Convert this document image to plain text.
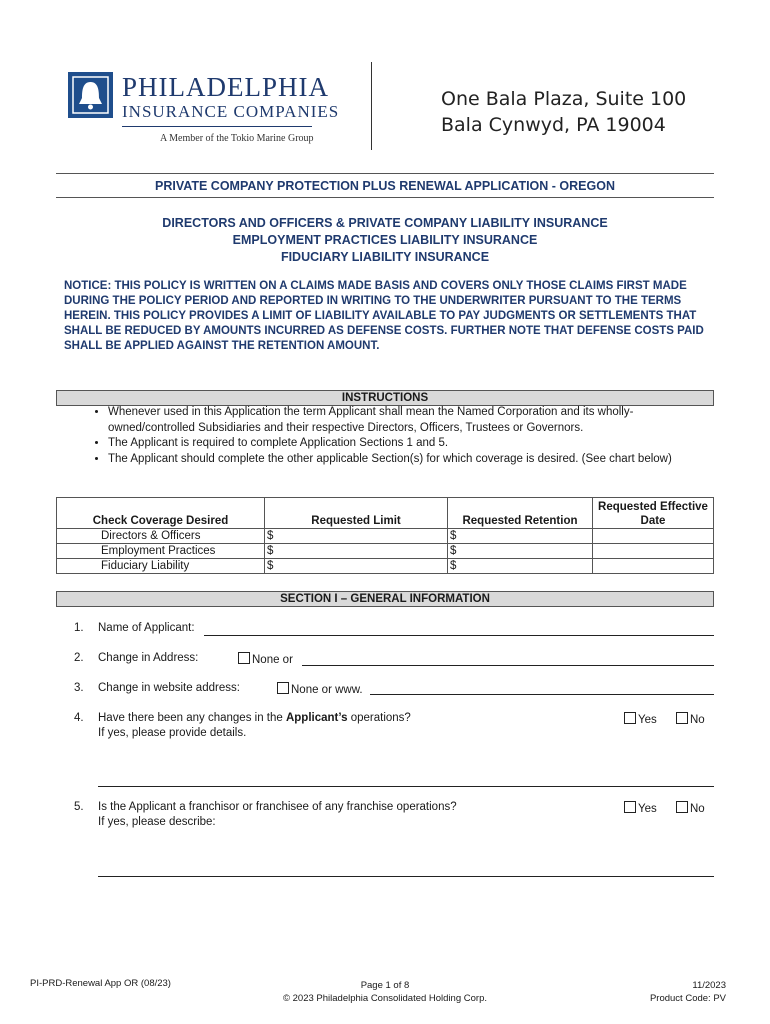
PHILADELPHIA
INSURANCE COMPANIES
A Member of the Tokio Marine Group
One Bala Plaza, Suite 100
Bala Cynwyd, PA 19004
PRIVATE COMPANY PROTECTION PLUS RENEWAL APPLICATION - OREGON
DIRECTORS AND OFFICERS & PRIVATE COMPANY LIABILITY INSURANCE
EMPLOYMENT PRACTICES LIABILITY INSURANCE
FIDUCIARY LIABILITY INSURANCE
NOTICE: THIS POLICY IS WRITTEN ON A CLAIMS MADE BASIS AND COVERS ONLY THOSE CLAIMS FIRST MADE DURING THE POLICY PERIOD AND REPORTED IN WRITING TO THE UNDERWRITER PURSUANT TO THE TERMS HEREIN. THIS POLICY PROVIDES A LIMIT OF LIABILITY AVAILABLE TO PAY JUDGMENTS OR SETTLEMENTS THAT SHALL BE REDUCED BY AMOUNTS INCURRED AS DEFENSE COSTS. FURTHER NOTE THAT DEFENSE COSTS PAID SHALL BE APPLIED AGAINST THE RETENTION AMOUNT.
INSTRUCTIONS
• Whenever used in this Application the term Applicant shall mean the Named Corporation and its wholly-owned/controlled Subsidiaries and their respective Directors, Officers, Trustees or Governors.
• The Applicant is required to complete Application Sections 1 and 5.
• The Applicant should complete the other applicable Section(s) for which coverage is desired. (See chart below)
Check Coverage Desired	Requested Limit	Requested Retention	Requested Effective Date
Directors & Officers	$	$	
Employment Practices	$	$	
Fiduciary Liability	$	$	
SECTION I – GENERAL INFORMATION
1. Name of Applicant:
2. Change in Address:	None or
3. Change in website address:	None or www.
4. Have there been any changes in the Applicant’s operations?
If yes, please provide details.
Yes	No
5. Is the Applicant a franchisor or franchisee of any franchise operations?
If yes, please describe:
Yes	No
PI-PRD-Renewal App OR (08/23)	Page 1 of 8
© 2023 Philadelphia Consolidated Holding Corp.
11/2023
Product Code: PV
